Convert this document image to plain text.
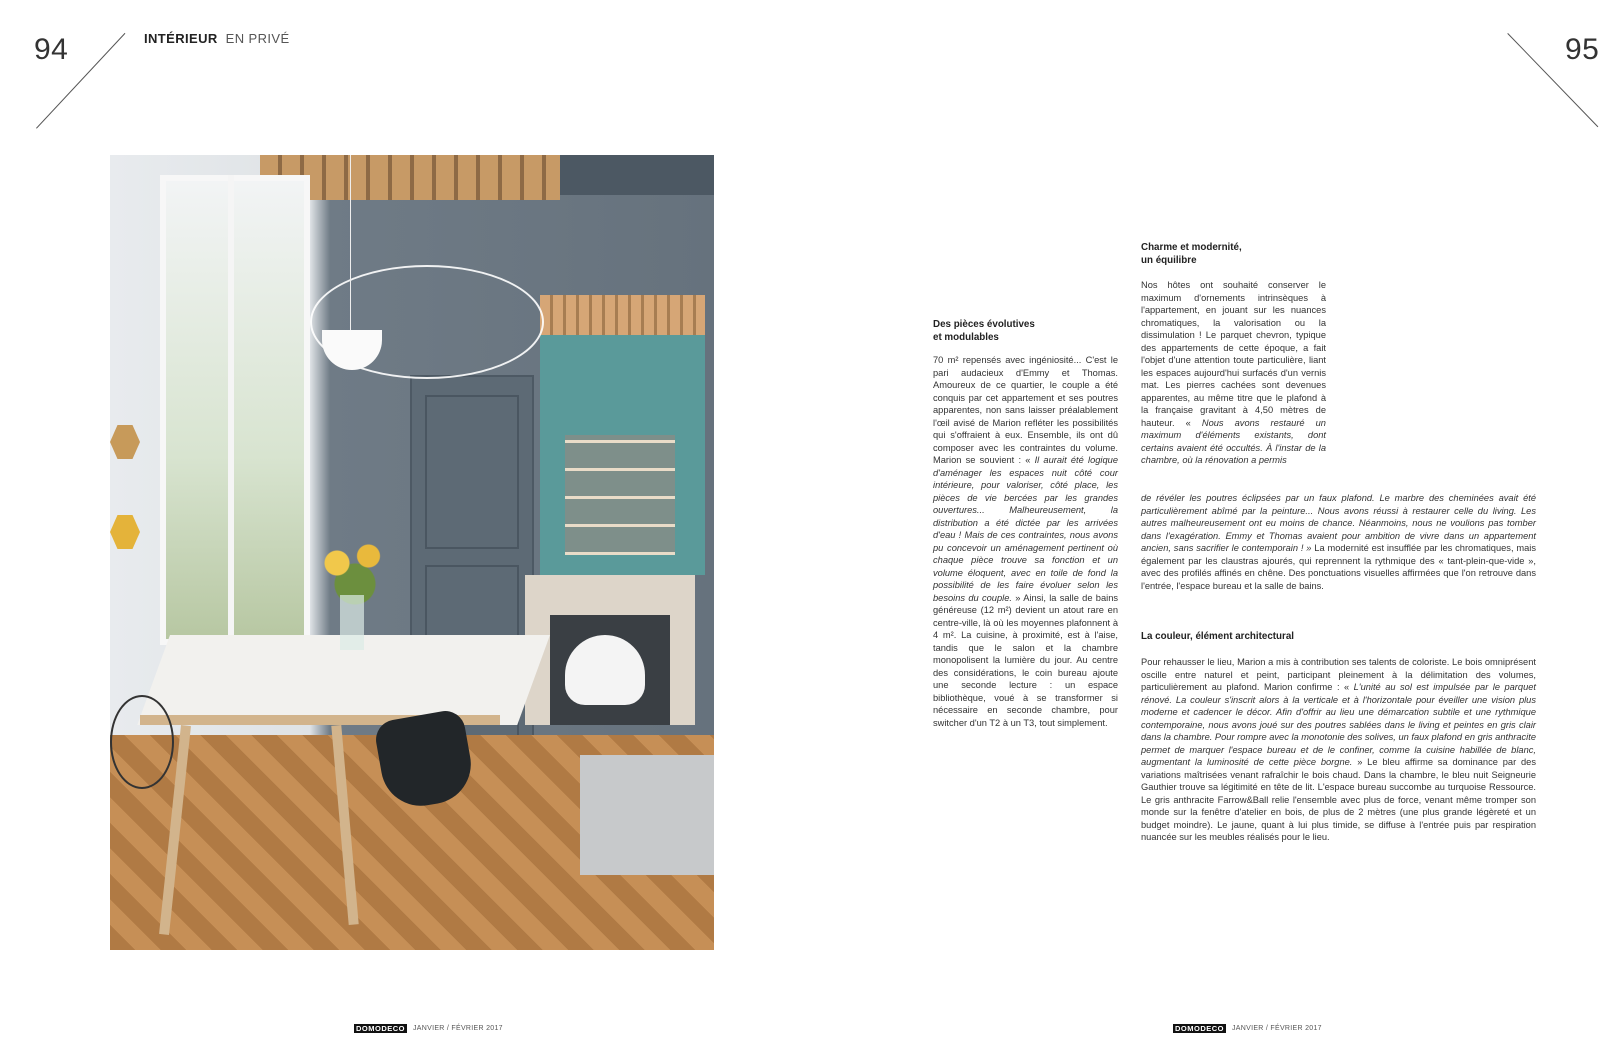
94	95
INTÉRIEUR EN PRIVÉ
Des pièces évolutives
et modulables

70 m² repensés avec ingéniosité... C'est le pari audacieux d'Emmy et Thomas. Amoureux de ce quartier, le couple a été conquis par cet appartement et ses poutres apparentes, non sans laisser préalablement l'œil avisé de Marion refléter les possibilités qui s'offraient à eux. Ensemble, ils ont dû composer avec les contraintes du volume. Marion se souvient : « Il aurait été logique d'aménager les espaces nuit côté cour intérieure, pour valoriser, côté place, les pièces de vie bercées par les grandes ouvertures... Malheureusement, la distribution a été dictée par les arrivées d'eau ! Mais de ces contraintes, nous avons pu concevoir un aménagement pertinent où chaque pièce trouve sa fonction et un volume éloquent, avec en toile de fond la possibilité de les faire évoluer selon les besoins du couple. » Ainsi, la salle de bains généreuse (12 m²) devient un atout rare en centre-ville, là où les moyennes plafonnent à 4 m². La cuisine, à proximité, est à l'aise, tandis que le salon et la chambre monopolisent la lumière du jour. Au centre des considérations, le coin bureau ajoute une seconde lecture : un espace bibliothèque, voué à se transformer si nécessaire en seconde chambre, pour switcher d'un T2 à un T3, tout simplement.

Charme et modernité,
un équilibre

Nos hôtes ont souhaité conserver le maximum d'ornements intrinsèques à l'appartement, en jouant sur les nuances chromatiques, la valorisation ou la dissimulation ! Le parquet chevron, typique des appartements de cette époque, a fait l'objet d'une attention toute particulière, liant les espaces aujourd'hui surfacés d'un vernis mat. Les pierres cachées sont devenues apparentes, au même titre que le plafond à la française gravitant à 4,50 mètres de hauteur. « Nous avons restauré un maximum d'éléments existants, dont certains avaient été occultés. À l'instar de la chambre, où la rénovation a permis

de révéler les poutres éclipsées par un faux plafond. Le marbre des cheminées avait été particulièrement abîmé par la peinture... Nous avons réussi à restaurer celle du living. Les autres malheureusement ont eu moins de chance. Néanmoins, nous ne voulions pas tomber dans l'exagération. Emmy et Thomas avaient pour ambition de vivre dans un appartement ancien, sans sacrifier le contemporain ! » La modernité est insufflée par les chromatiques, mais également par les claustras ajourés, qui reprennent la rythmique des « tant-plein-que-vide », avec des profilés affinés en chêne. Des ponctuations visuelles affirmées que l'on retrouve dans l'entrée, l'espace bureau et la salle de bains.

La couleur, élément architectural

Pour rehausser le lieu, Marion a mis à contribution ses talents de coloriste. Le bois omniprésent oscille entre naturel et peint, participant pleinement à la délimitation des volumes, particulièrement au plafond. Marion confirme : « L'unité au sol est impulsée par le parquet rénové. La couleur s'inscrit alors à la verticale et à l'horizontale pour éveiller une vision plus moderne et cadencer le décor. Afin d'offrir au lieu une démarcation subtile et une rythmique contemporaine, nous avons joué sur des poutres sablées dans le living et peintes en gris clair dans la chambre. Pour rompre avec la monotonie des solives, un faux plafond en gris anthracite permet de marquer l'espace bureau et de le confiner, comme la cuisine habillée de blanc, augmentant la luminosité de cette pièce borgne. » Le bleu affirme sa dominance par des variations maîtrisées venant rafraîchir le bois chaud. Dans la chambre, le bleu nuit Seigneurie Gauthier trouve sa légitimité en tête de lit. L'espace bureau succombe au turquoise Ressource. Le gris anthracite Farrow&Ball relie l'ensemble avec plus de force, venant même tromper son monde sur la fenêtre d'atelier en bois, de plus de 2 mètres (une plus grande légèreté et un budget moindre). Le jaune, quant à lui plus timide, se diffuse à l'entrée puis par respiration nuancée sur les meubles réalisés pour le lieu.

DOMODECO JANVIER / FÉVRIER 2017	DOMODECO JANVIER / FÉVRIER 2017
